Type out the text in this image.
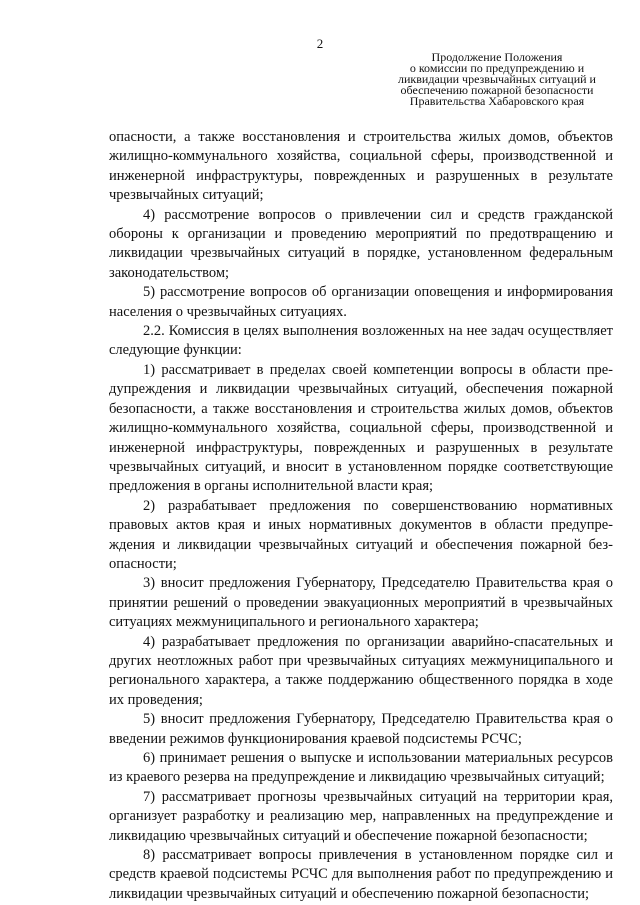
2
Продолжение Положения
о комиссии по предупреждению и
ликвидации чрезвычайных ситуаций и
обеспечению пожарной безопасности
Правительства Хабаровского края

опасности, а также восстановления и строительства жилых домов, объектов жилищно-коммунального хозяйства, социальной сферы, производственной и инженерной инфраструктуры, поврежденных и разрушенных в результате чрезвычайных ситуаций;

4) рассмотрение вопросов о привлечении сил и средств гражданской обороны к организации и проведению мероприятий по предотвращению и ликвидации чрезвычайных ситуаций в порядке, установленном федеральным законодательством;

5) рассмотрение вопросов об организации оповещения и информирования населения о чрезвычайных ситуациях.

2.2. Комиссия в целях выполнения возложенных на нее задач осуществляет следующие функции:

1) рассматривает в пределах своей компетенции вопросы в области предупреждения и ликвидации чрезвычайных ситуаций, обеспечения пожарной безопасности, а также восстановления и строительства жилых домов, объектов жилищно-коммунального хозяйства, социальной сферы, производственной и инженерной инфраструктуры, поврежденных и разрушенных в результате чрезвычайных ситуаций, и вносит в установленном порядке соответствующие предложения в органы исполнительной власти края;

2) разрабатывает предложения по совершенствованию нормативных правовых актов края и иных нормативных документов в области предупреждения и ликвидации чрезвычайных ситуаций и обеспечения пожарной безопасности;

3) вносит предложения Губернатору, Председателю Правительства края о принятии решений о проведении эвакуационных мероприятий в чрезвычайных ситуациях межмуниципального и регионального характера;

4) разрабатывает предложения по организации аварийно-спасательных и других неотложных работ при чрезвычайных ситуациях межмуниципального и регионального характера, а также поддержанию общественного порядка в ходе их проведения;

5) вносит предложения Губернатору, Председателю Правительства края о введении режимов функционирования краевой подсистемы РСЧС;

6) принимает решения о выпуске и использовании материальных ресурсов из краевого резерва на предупреждение и ликвидацию чрезвычайных ситуаций;

7) рассматривает прогнозы чрезвычайных ситуаций на территории края, организует разработку и реализацию мер, направленных на предупреждение и ликвидацию чрезвычайных ситуаций и обеспечение пожарной безопасности;

8) рассматривает вопросы привлечения в установленном порядке сил и средств краевой подсистемы РСЧС для выполнения работ по предупреждению и ликвидации чрезвычайных ситуаций и обеспечению пожарной безопасности;
